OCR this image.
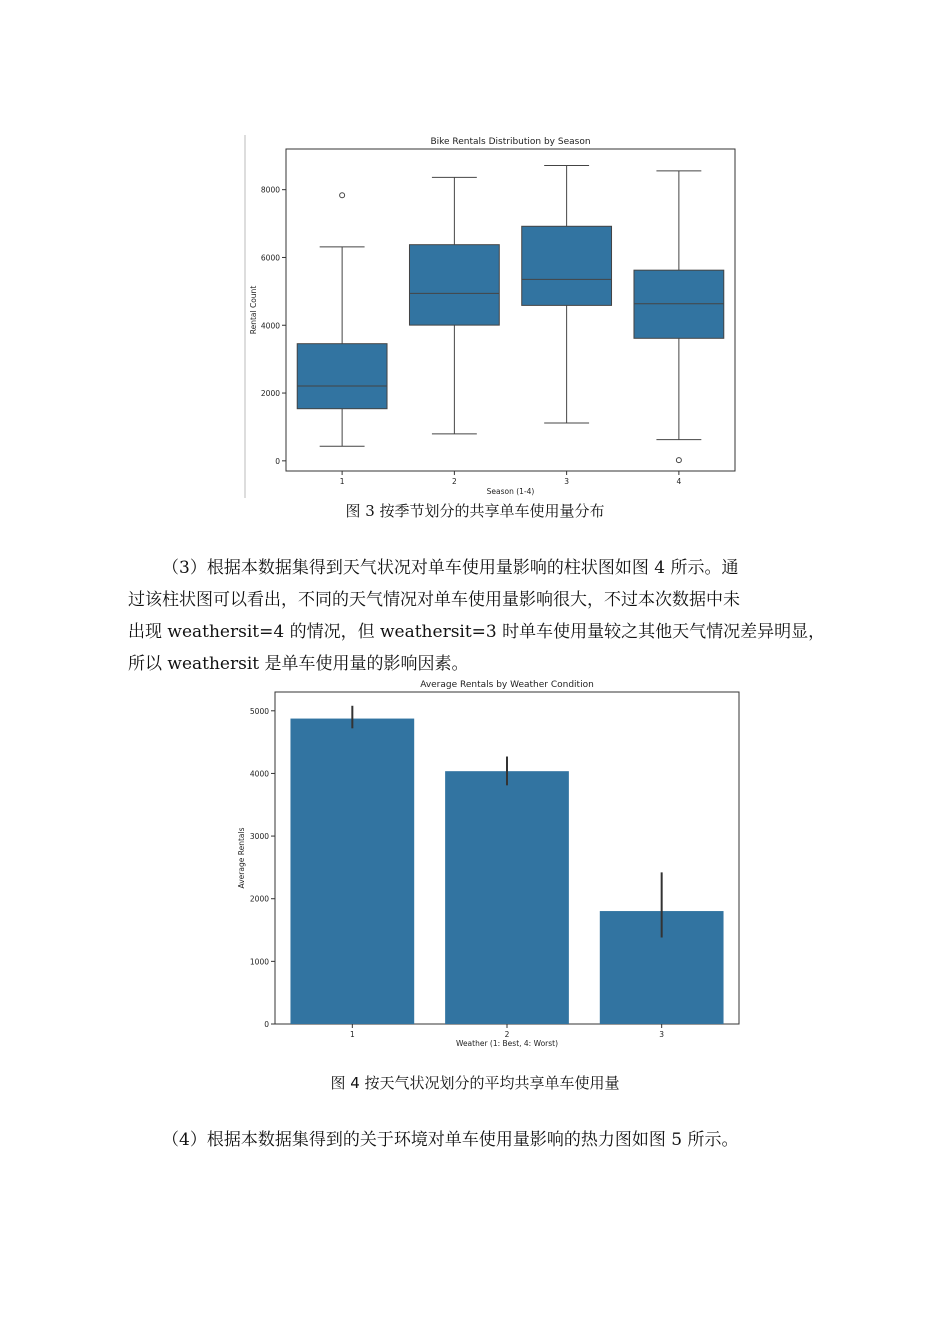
Bike Rentals Distribution by Season
Season (1-4)
Rental Count
0
2000
4000
6000
8000
1	2	3	4
图 3 按季节划分的共享单车使用量分布
（3）根据本数据集得到天气状况对单车使用量影响的柱状图如图 4 所示。通
过该柱状图可以看出，不同的天气情况对单车使用量影响很大，不过本次数据中未
出现 weathersit=4 的情况，但 weathersit=3 时单车使用量较之其他天气情况差异明显，
所以 weathersit 是单车使用量的影响因素。
Average Rentals by Weather Condition
Weather (1: Best, 4: Worst)
Average Rentals
0
1000
2000
3000
4000
5000
1	2	3
图 4 按天气状况划分的平均共享单车使用量
（4）根据本数据集得到的关于环境对单车使用量影响的热力图如图 5 所示。
